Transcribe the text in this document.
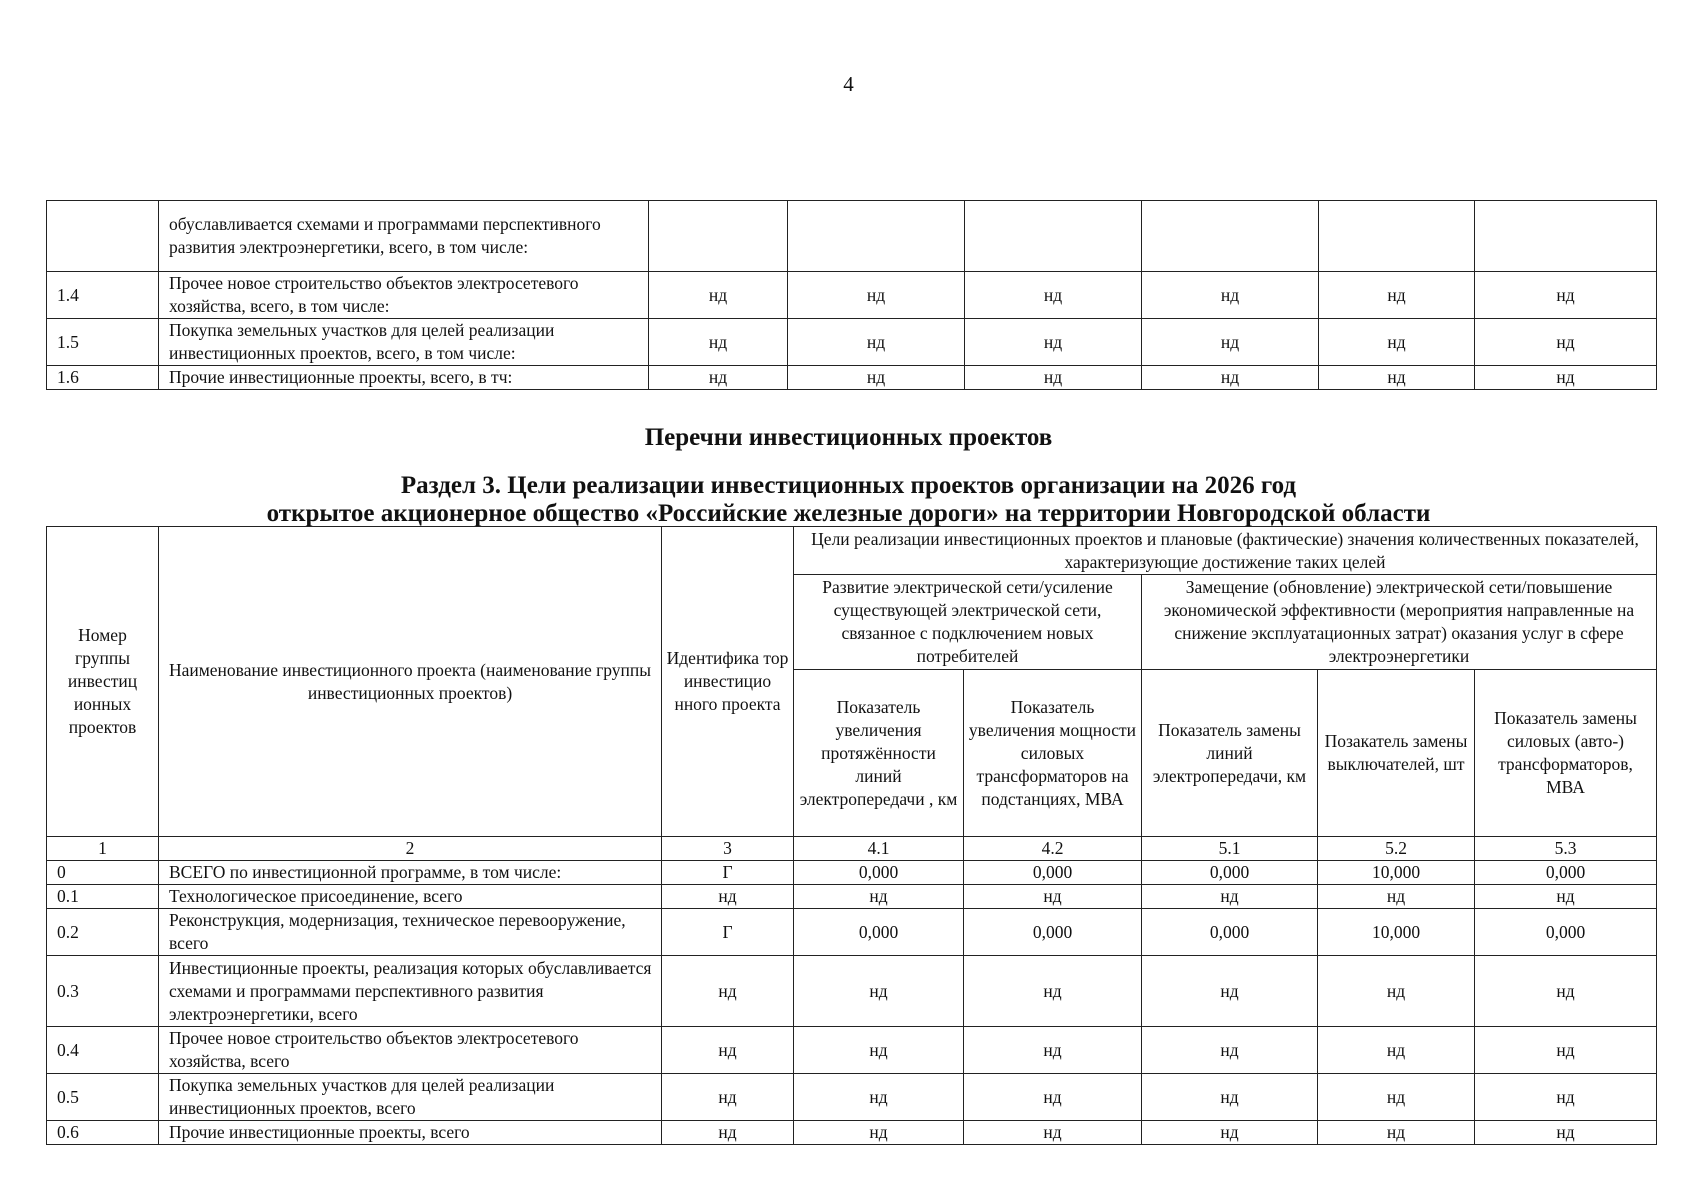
4
	обуславливается схемами и программами перспективного развития электроэнергетики, всего, в том числе:						
1.4	Прочее новое строительство объектов электросетевого хозяйства, всего, в том числе:	нд	нд	нд	нд	нд	нд
1.5	Покупка земельных участков для целей реализации инвестиционных проектов, всего, в том числе:	нд	нд	нд	нд	нд	нд
1.6	Прочие инвестиционные проекты, всего, в тч:	нд	нд	нд	нд	нд	нд
Перечни инвестиционных проектов
Раздел 3. Цели реализации инвестиционных проектов организации на 2026 год
открытое акционерное общество «Российские железные дороги» на территории Новгородской области
Номер группы инвестиц ионных проектов	Наименование инвестиционного проекта (наименование группы инвестиционных проектов)	Идентифика тор инвестицио нного проекта	Цели реализации инвестиционных проектов и плановые (фактические) значения количественных показателей, характеризующие достижение таких целей				
			Развитие электрической сети/усиление существующей электрической сети, связанное с подключением новых потребителей		Замещение (обновление) электрической сети/повышение экономической эффективности (мероприятия направленные на снижение эксплуатационных затрат) оказания услуг в сфере электроэнергетики		
			Показатель увеличения протяжённости линий электропередачи , км	Показатель увеличения мощности силовых трансформаторов на подстанциях, МВА	Показатель замены линий электропередачи, км	Позакатель замены выключателей, шт	Показатель замены силовых (авто-) трансформаторов, МВА
1	2	3	4.1	4.2	5.1	5.2	5.3
0	ВСЕГО по инвестиционной программе, в том числе:	Г	0,000	0,000	0,000	10,000	0,000
0.1	Технологическое присоединение, всего	нд	нд	нд	нд	нд	нд
0.2	Реконструкция, модернизация, техническое перевооружение, всего	Г	0,000	0,000	0,000	10,000	0,000
0.3	Инвестиционные проекты, реализация которых обуславливается схемами и программами перспективного развития электроэнергетики, всего	нд	нд	нд	нд	нд	нд
0.4	Прочее новое строительство объектов электросетевого хозяйства, всего	нд	нд	нд	нд	нд	нд
0.5	Покупка земельных участков для целей реализации инвестиционных проектов, всего	нд	нд	нд	нд	нд	нд
0.6	Прочие инвестиционные проекты, всего	нд	нд	нд	нд	нд	нд
